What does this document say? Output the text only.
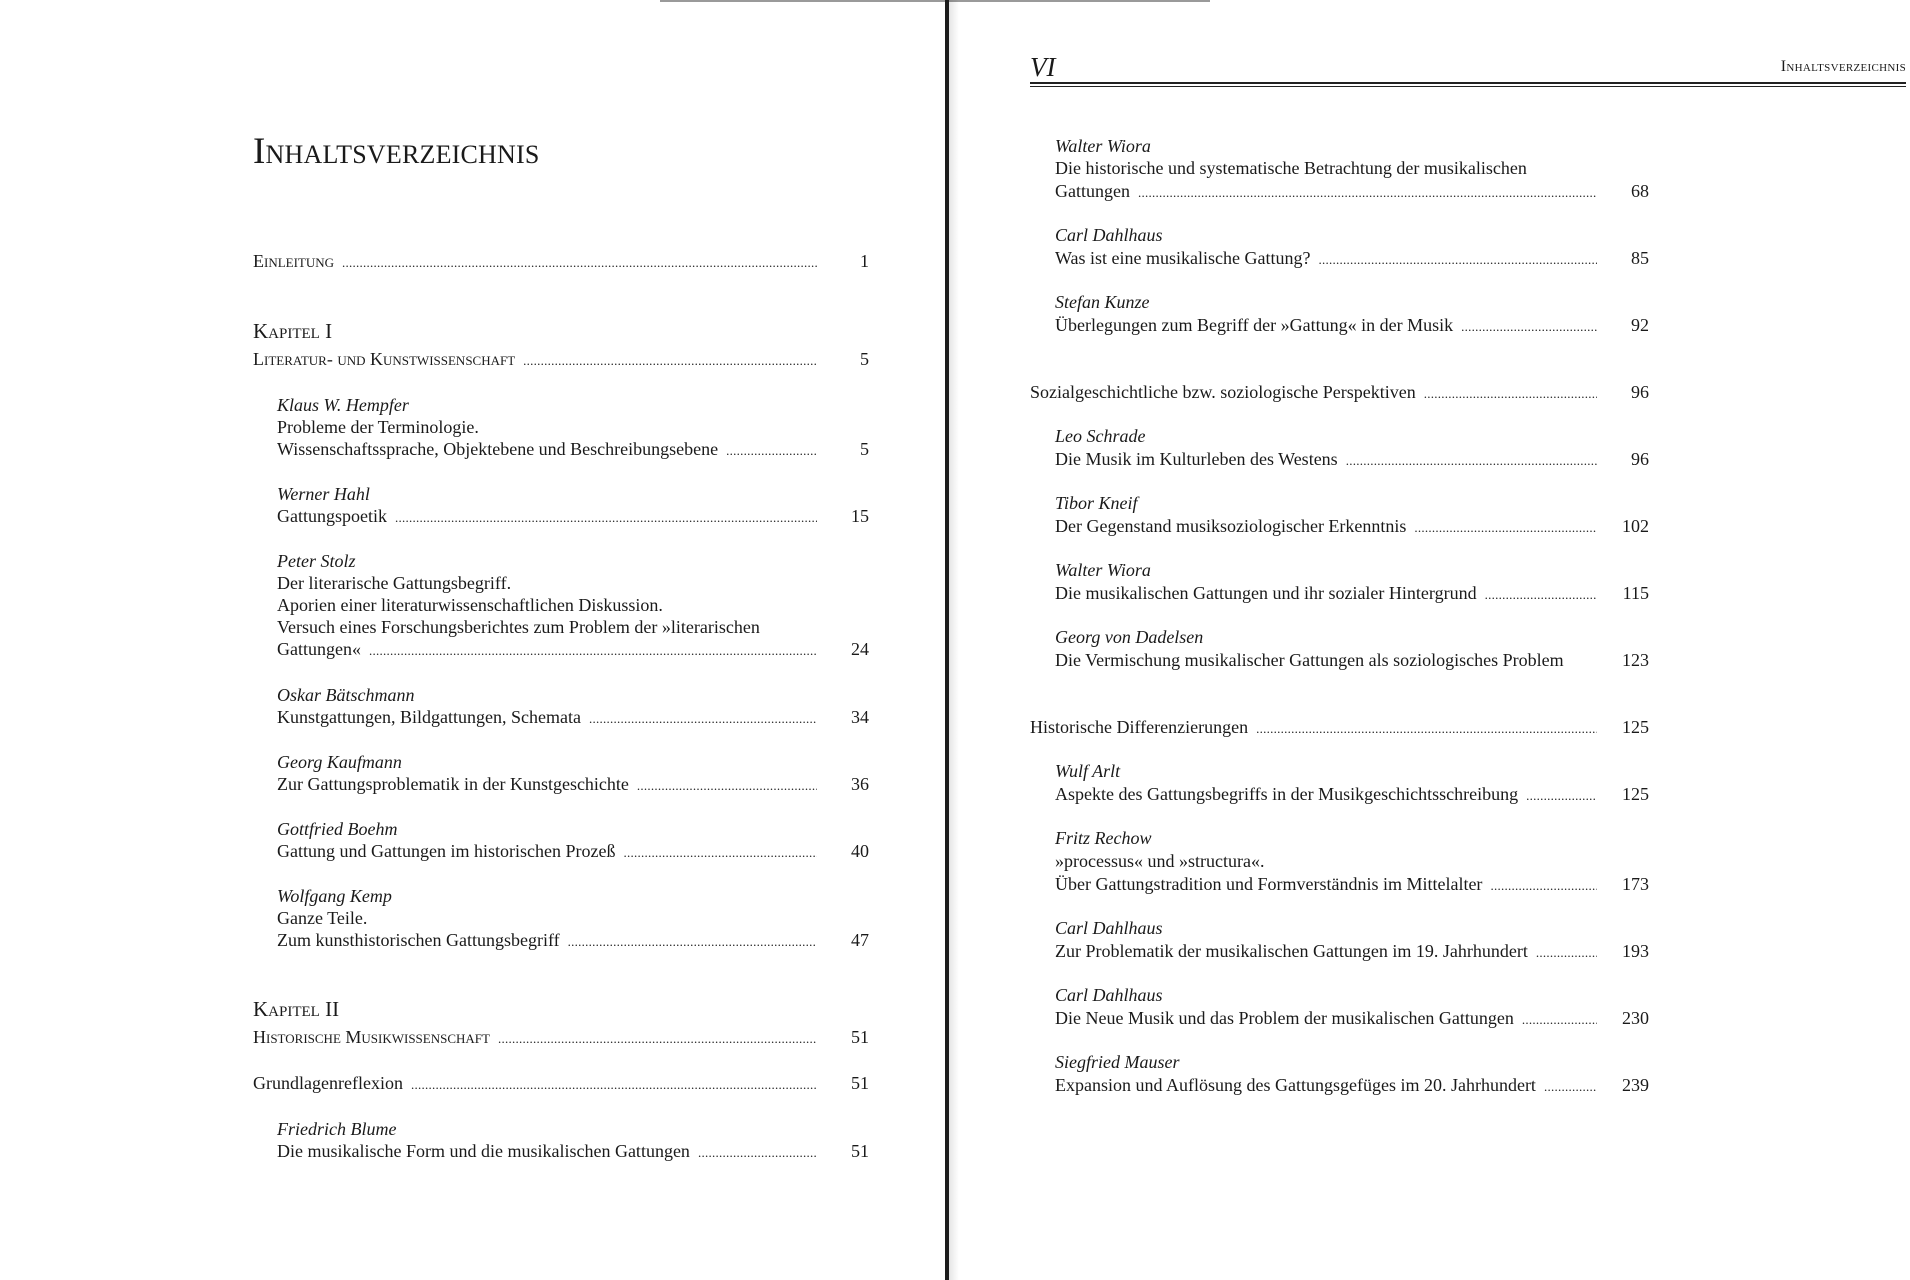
Inhaltsverzeichnis
Einleitung . . .	1
Kapitel I
Literatur- und Kunstwissenschaft . . .	5
Klaus W. Hempfer
Probleme der Terminologie.
Wissenschaftssprache, Objektebene und Beschreibungsebene . . .	5
Werner Hahl
Gattungspoetik . . .	15
Peter Stolz
Der literarische Gattungsbegriff.
Aporien einer literaturwissenschaftlichen Diskussion.
Versuch eines Forschungsberichtes zum Problem der »literarischen
Gattungen« . . .	24
Oskar Bätschmann
Kunstgattungen, Bildgattungen, Schemata . . .	34
Georg Kaufmann
Zur Gattungsproblematik in der Kunstgeschichte . . .	36
Gottfried Boehm
Gattung und Gattungen im historischen Prozeß . . .	40
Wolfgang Kemp
Ganze Teile.
Zum kunsthistorischen Gattungsbegriff . . .	47
Kapitel II
Historische Musikwissenschaft . . .	51
Grundlagenreflexion . . .	51
Friedrich Blume
Die musikalische Form und die musikalischen Gattungen . . .	51
VI	Inhaltsverzeichnis
Walter Wiora
Die historische und systematische Betrachtung der musikalischen
Gattungen . . .	68
Carl Dahlhaus
Was ist eine musikalische Gattung? . . .	85
Stefan Kunze
Überlegungen zum Begriff der »Gattung« in der Musik . . .	92
Sozialgeschichtliche bzw. soziologische Perspektiven . . .	96
Leo Schrade
Die Musik im Kulturleben des Westens . . .	96
Tibor Kneif
Der Gegenstand musiksoziologischer Erkenntnis . . .	102
Walter Wiora
Die musikalischen Gattungen und ihr sozialer Hintergrund . . .	115
Georg von Dadelsen
Die Vermischung musikalischer Gattungen als soziologisches Problem	123
Historische Differenzierungen . . .	125
Wulf Arlt
Aspekte des Gattungsbegriffs in der Musikgeschichtsschreibung . . .	125
Fritz Rechow
»processus« und »structura«.
Über Gattungstradition und Formverständnis im Mittelalter . . .	173
Carl Dahlhaus
Zur Problematik der musikalischen Gattungen im 19. Jahrhundert . . .	193
Carl Dahlhaus
Die Neue Musik und das Problem der musikalischen Gattungen . . .	230
Siegfried Mauser
Expansion und Auflösung des Gattungsgefüges im 20. Jahrhundert . . .	239
